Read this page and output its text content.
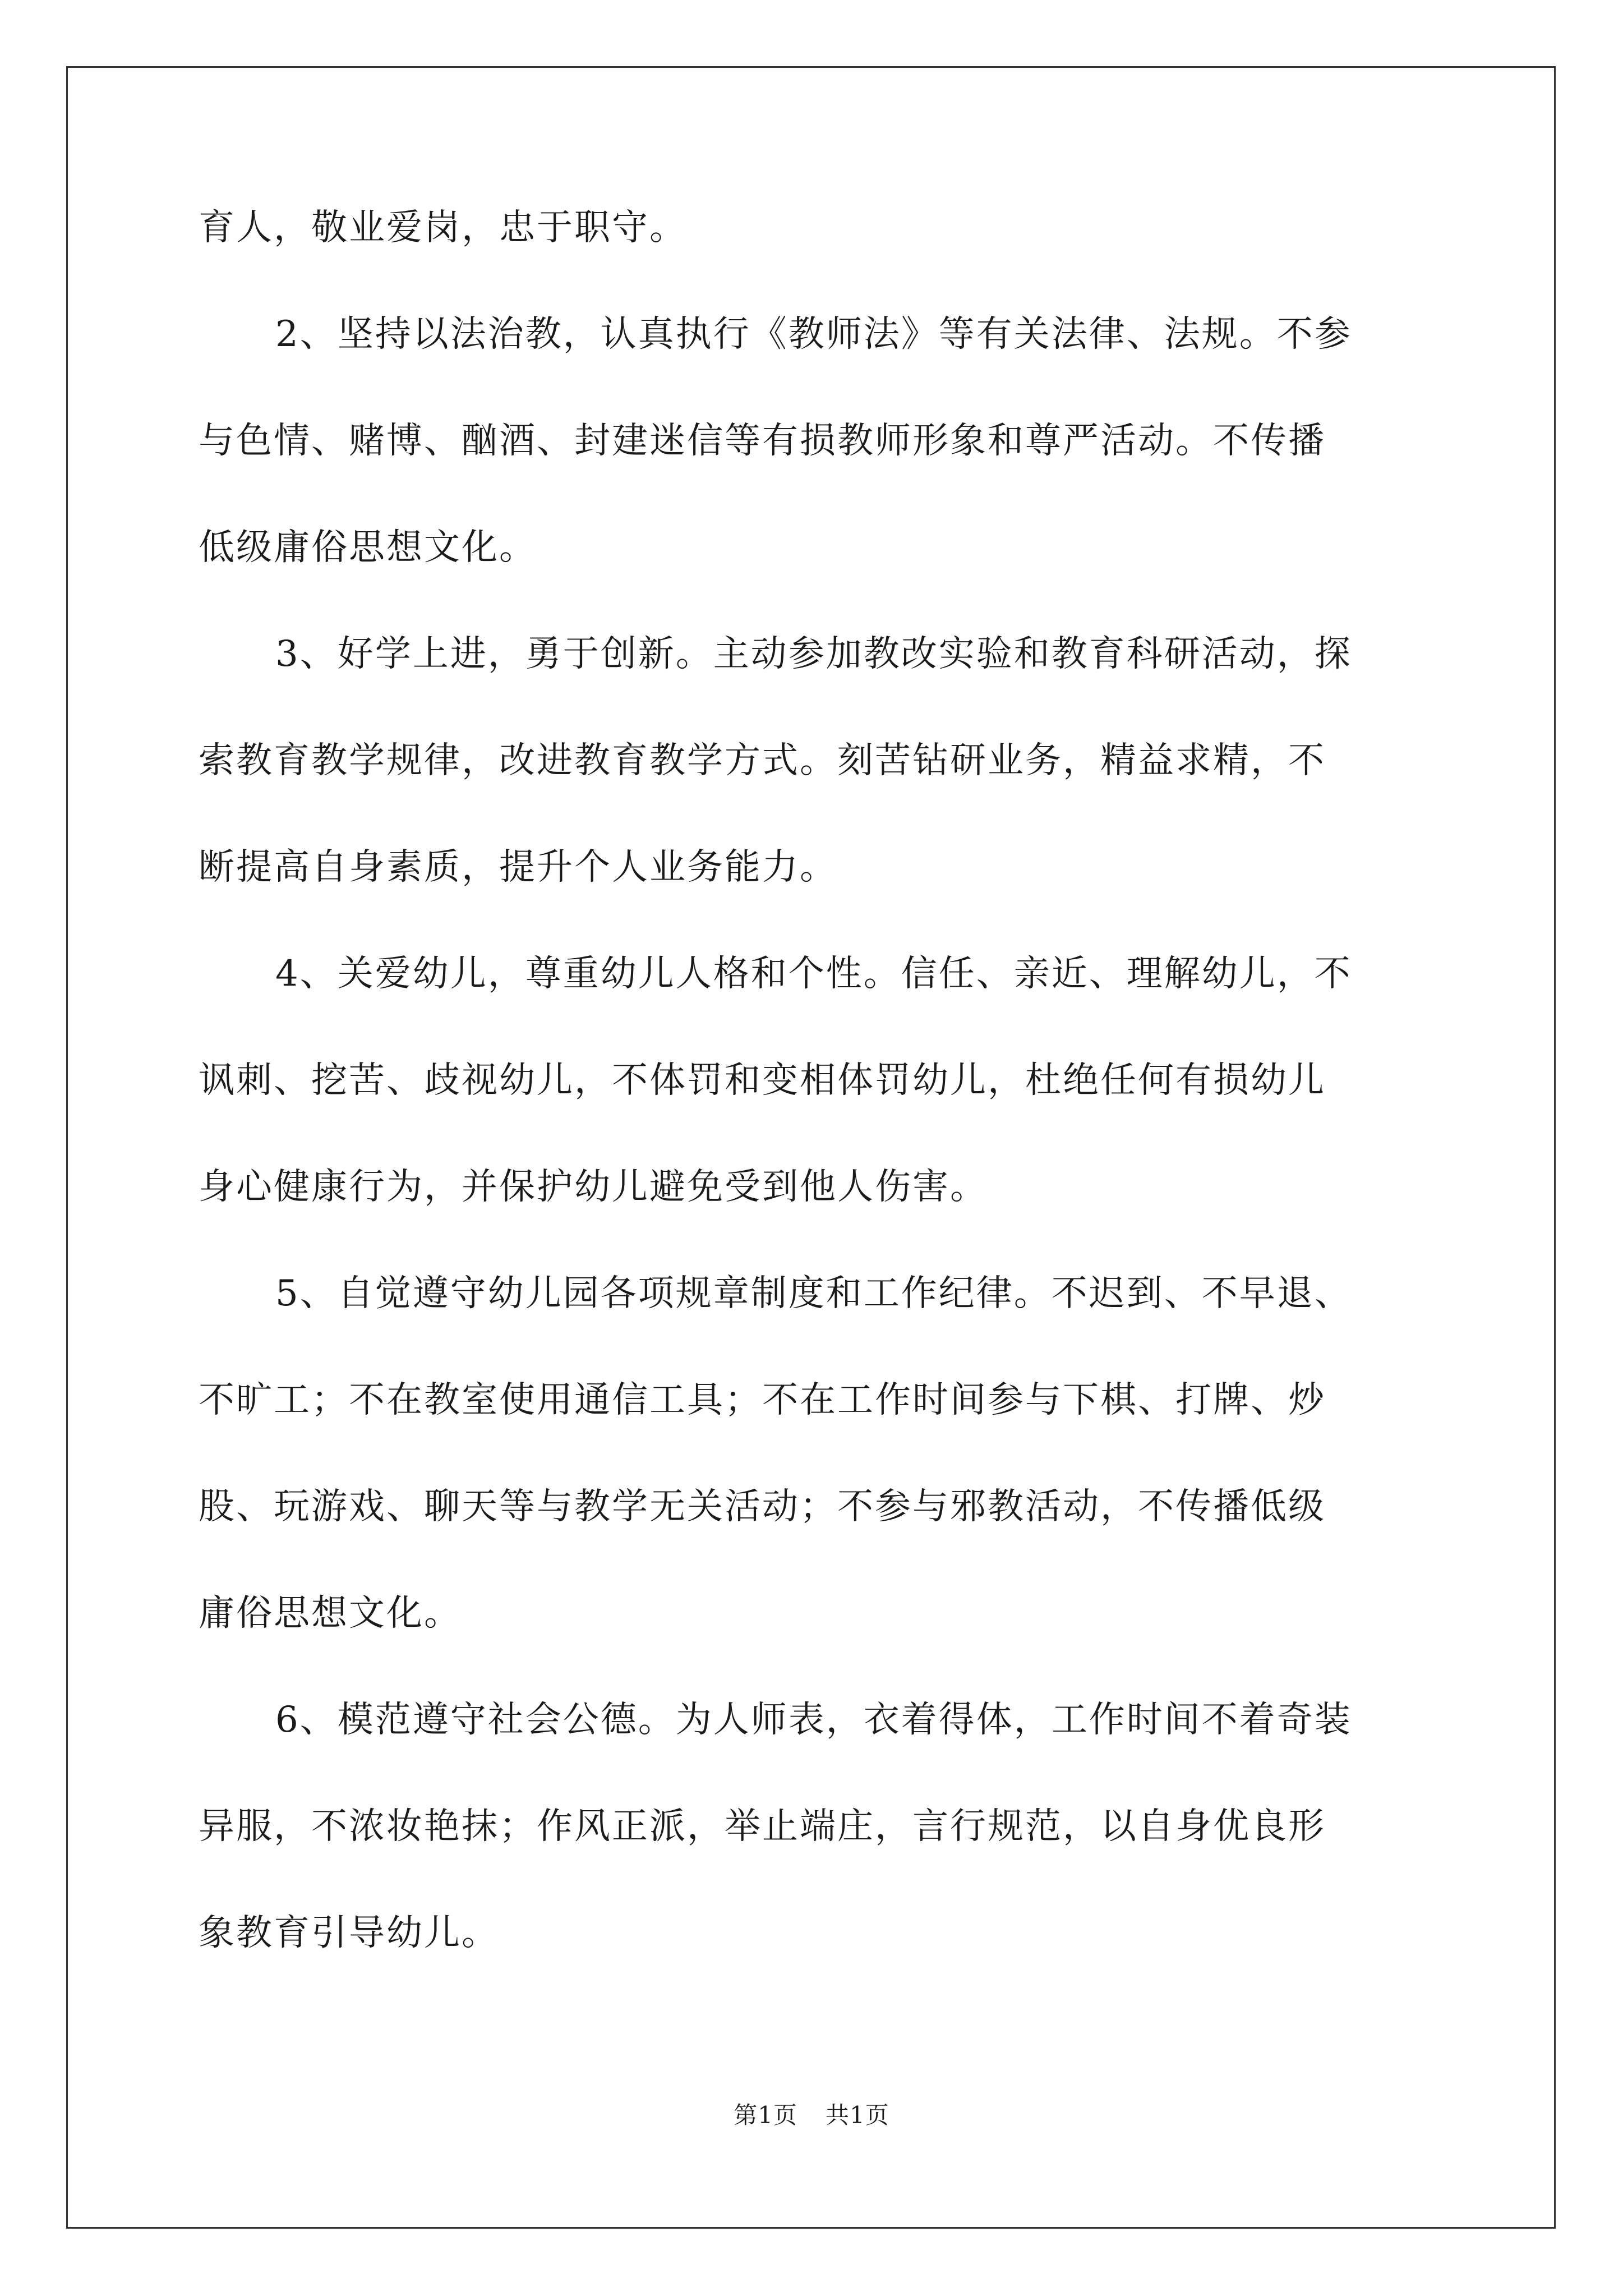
育人，敬业爱岗，忠于职守。
2、坚持以法治教，认真执行《教师法》等有关法律、法规。不参
与色情、赌博、酗酒、封建迷信等有损教师形象和尊严活动。不传播
低级庸俗思想文化。
3、好学上进，勇于创新。主动参加教改实验和教育科研活动，探
索教育教学规律，改进教育教学方式。刻苦钻研业务，精益求精，不
断提高自身素质，提升个人业务能力。
4、关爱幼儿，尊重幼儿人格和个性。信任、亲近、理解幼儿，不
讽刺、挖苦、歧视幼儿，不体罚和变相体罚幼儿，杜绝任何有损幼儿
身心健康行为，并保护幼儿避免受到他人伤害。
5、自觉遵守幼儿园各项规章制度和工作纪律。不迟到、不早退、
不旷工；不在教室使用通信工具；不在工作时间参与下棋、打牌、炒
股、玩游戏、聊天等与教学无关活动；不参与邪教活动，不传播低级
庸俗思想文化。
6、模范遵守社会公德。为人师表，衣着得体，工作时间不着奇装
异服，不浓妆艳抹；作风正派，举止端庄，言行规范，以自身优良形
象教育引导幼儿。
第1页 共1页
